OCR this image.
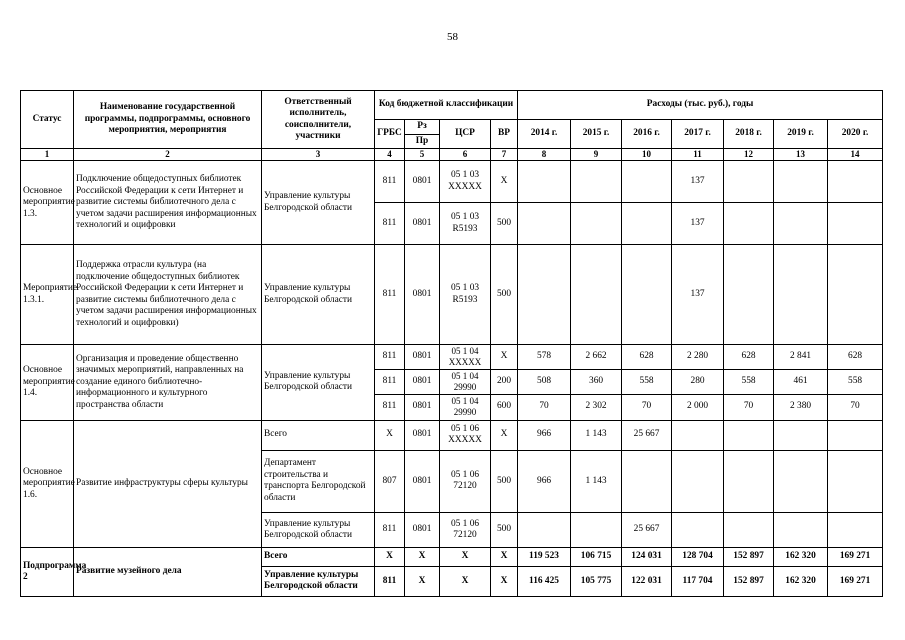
58
Статус	Наименование государственной программы, подпрограммы, основного мероприятия, мероприятия	Ответственный исполнитель, соисполнители, участники	Код бюджетной классификации				Расходы (тыс. руб.), годы						
			ГРБС	Рз	ЦСР	ВР	2014 г.	2015 г.	2016 г.	2017 г.	2018 г.	2019 г.	2020 г.
				Пр									
1	2	3	4	5	6	7	8	9	10	11	12	13	14
Основное мероприятие 1.3.	Подключение общедоступных библиотек Российской Федерации к сети Интернет и развитие системы библиотечного дела с учетом задачи расширения информационных технологий и оцифровки	Управление культуры Белгородской области	811	0801	05 1 03 XXXXX	X				137			
			811	0801	05 1 03 R5193	500				137			
Мероприятие 1.3.1.	Поддержка отрасли культура (на подключение общедоступных библиотек Российской Федерации к сети Интернет и развитие системы библиотечного дела с учетом задачи расширения информационных технологий и оцифровки)	Управление культуры Белгородской области	811	0801	05 1 03 R5193	500				137			
Основное мероприятие 1.4.	Организация и проведение общественно значимых мероприятий, направленных на создание единого библиотечно-информационного и культурного пространства области	Управление культуры Белгородской области	811	0801	05 1 04 XXXXX	X	578	2 662	628	2 280	628	2 841	628
			811	0801	05 1 04 29990	200	508	360	558	280	558	461	558
			811	0801	05 1 04 29990	600	70	2 302	70	2 000	70	2 380	70
Основное мероприятие 1.6.	Развитие инфраструктуры сферы культуры	Всего	X	0801	05 1 06 XXXXX	X	966	1 143	25 667				
		Департамент строительства и транспорта Белгородской области	807	0801	05 1 06 72120	500	966	1 143					
		Управление культуры Белгородской области	811	0801	05 1 06 72120	500			25 667				
Подпрограмма 2	Развитие музейного дела	Всего	X	X	X	X	119 523	106 715	124 031	128 704	152 897	162 320	169 271
		Управление культуры Белгородской области	811	X	X	X	116 425	105 775	122 031	117 704	152 897	162 320	169 271
